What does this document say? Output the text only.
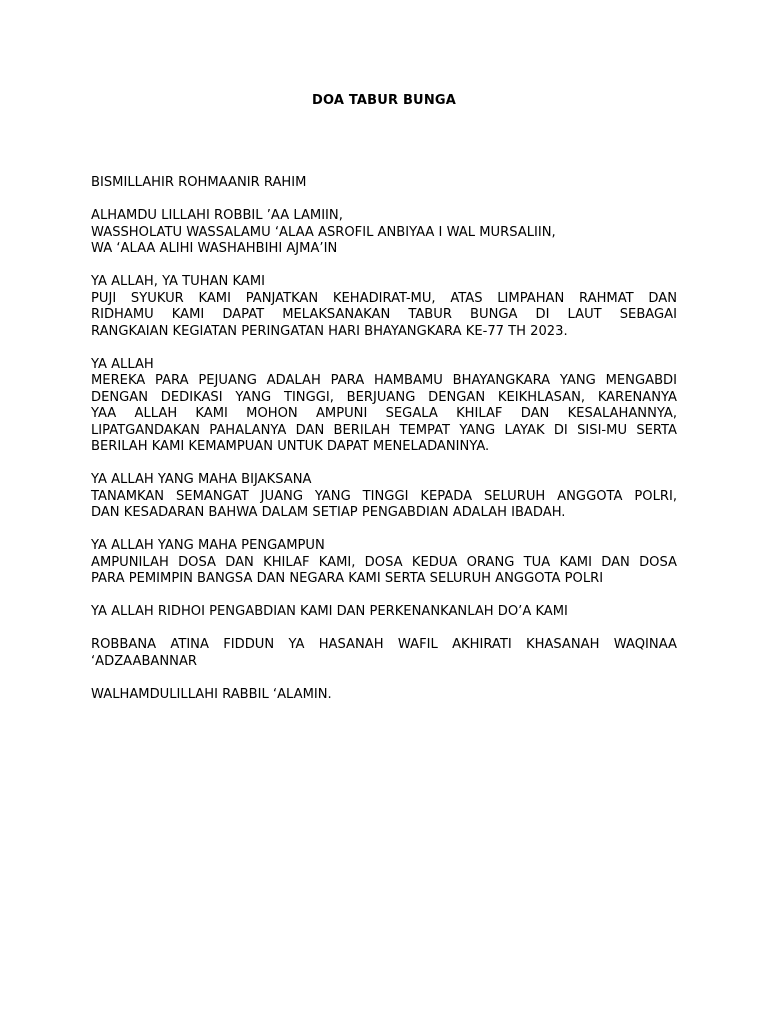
DOA TABUR BUNGA
BISMILLAHIR ROHMAANIR RAHIM
ALHAMDU LILLAHI ROBBIL ’AA LAMIIN,
WASSHOLATU WASSALAMU ‘ALAA ASROFIL ANBIYAA I WAL MURSALIIN,
WA ‘ALAA ALIHI WASHAHBIHI AJMA’IN
YA ALLAH, YA TUHAN KAMI
PUJI SYUKUR KAMI PANJATKAN KEHADIRAT-MU, ATAS LIMPAHAN RAHMAT DAN
RIDHAMU KAMI DAPAT MELAKSANAKAN TABUR BUNGA DI LAUT SEBAGAI
RANGKAIAN KEGIATAN PERINGATAN HARI BHAYANGKARA KE-77 TH 2023.
YA ALLAH
MEREKA PARA PEJUANG ADALAH PARA HAMBAMU BHAYANGKARA YANG MENGABDI
DENGAN DEDIKASI YANG TINGGI, BERJUANG DENGAN KEIKHLASAN, KARENANYA
YAA ALLAH KAMI MOHON AMPUNI SEGALA KHILAF DAN KESALAHANNYA,
LIPATGANDAKAN PAHALANYA DAN BERILAH TEMPAT YANG LAYAK DI SISI-MU SERTA
BERILAH KAMI KEMAMPUAN UNTUK DAPAT MENELADANINYA.
YA ALLAH YANG MAHA BIJAKSANA
TANAMKAN SEMANGAT JUANG YANG TINGGI KEPADA SELURUH ANGGOTA POLRI,
DAN KESADARAN BAHWA DALAM SETIAP PENGABDIAN ADALAH IBADAH.
YA ALLAH YANG MAHA PENGAMPUN
AMPUNILAH DOSA DAN KHILAF KAMI, DOSA KEDUA ORANG TUA KAMI DAN DOSA
PARA PEMIMPIN BANGSA DAN NEGARA KAMI SERTA SELURUH ANGGOTA POLRI
YA ALLAH RIDHOI PENGABDIAN KAMI DAN PERKENANKANLAH DO’A KAMI
ROBBANA ATINA FIDDUN YA HASANAH WAFIL AKHIRATI KHASANAH WAQINAA
‘ADZAABANNAR
WALHAMDULILLAHI RABBIL ‘ALAMIN.
